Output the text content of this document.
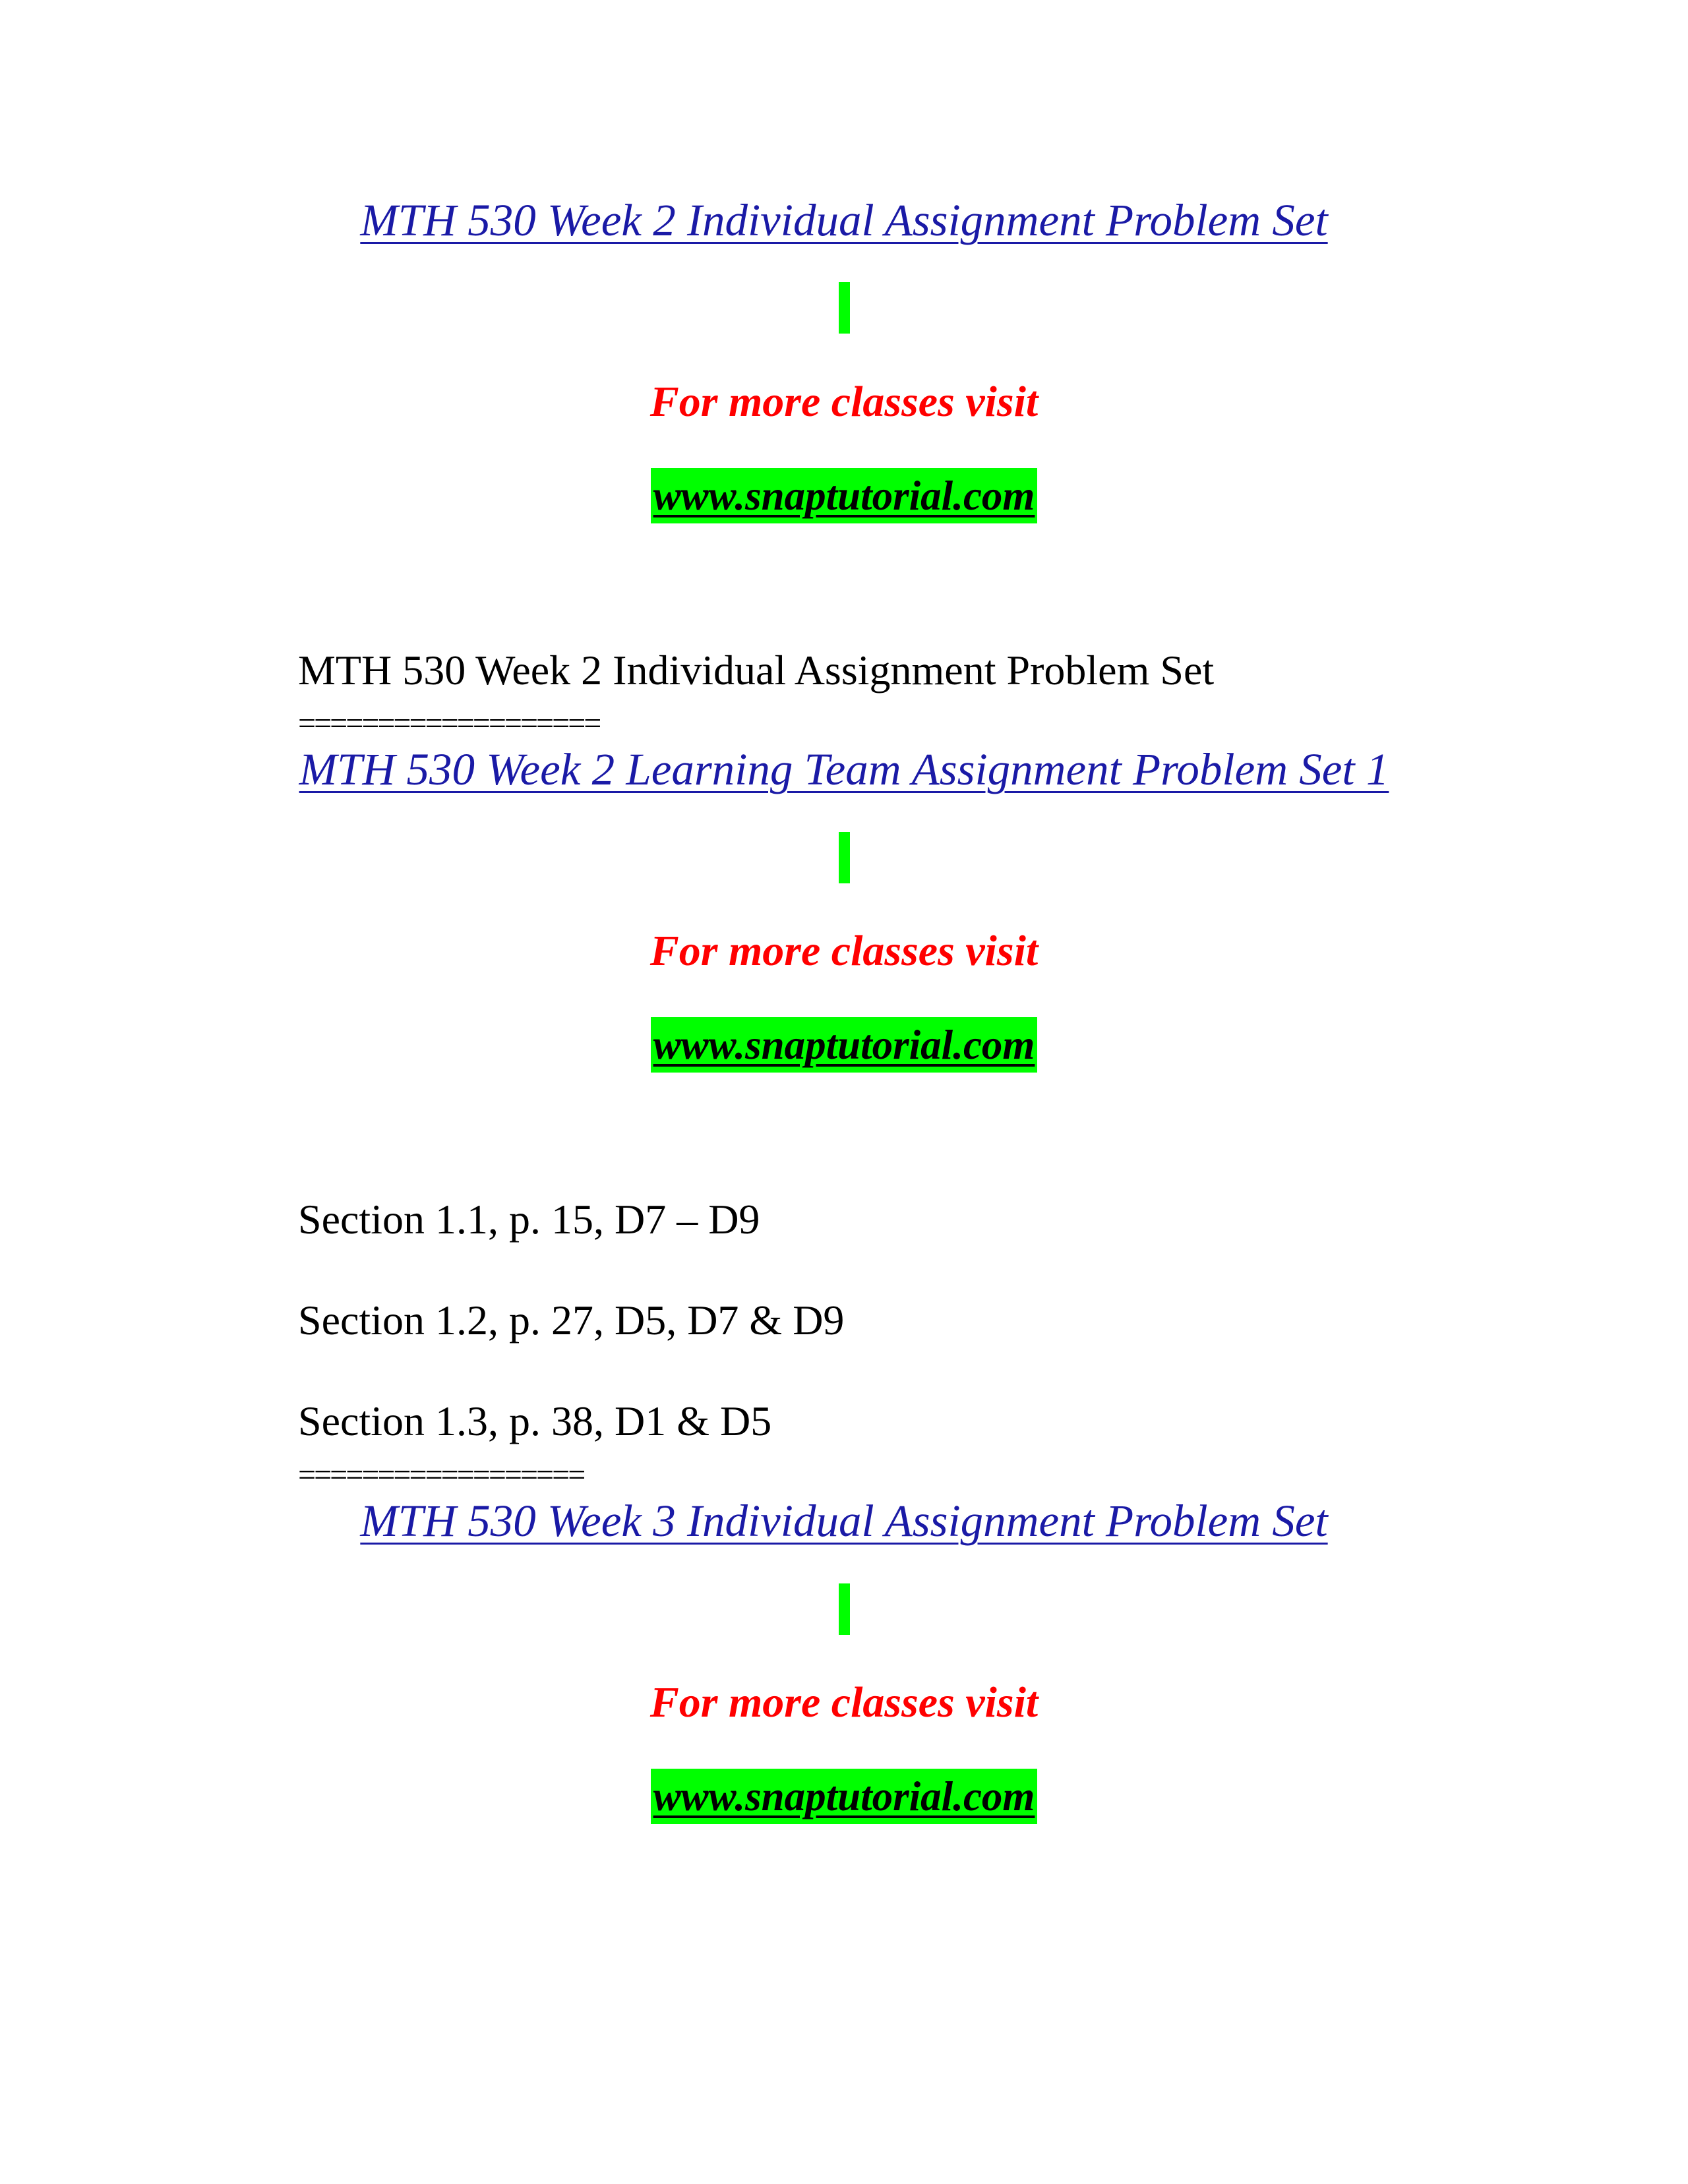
MTH 530 Week 2 Individual Assignment Problem Set
For more classes visit
www.snaptutorial.com
MTH 530 Week 2 Individual Assignment Problem Set
===================
MTH 530 Week 2 Learning Team Assignment Problem Set 1
For more classes visit
www.snaptutorial.com
Section 1.1, p. 15, D7 – D9
Section 1.2, p. 27, D5, D7 & D9
Section 1.3, p. 38, D1 & D5
==================
MTH 530 Week 3 Individual Assignment Problem Set
For more classes visit
www.snaptutorial.com
